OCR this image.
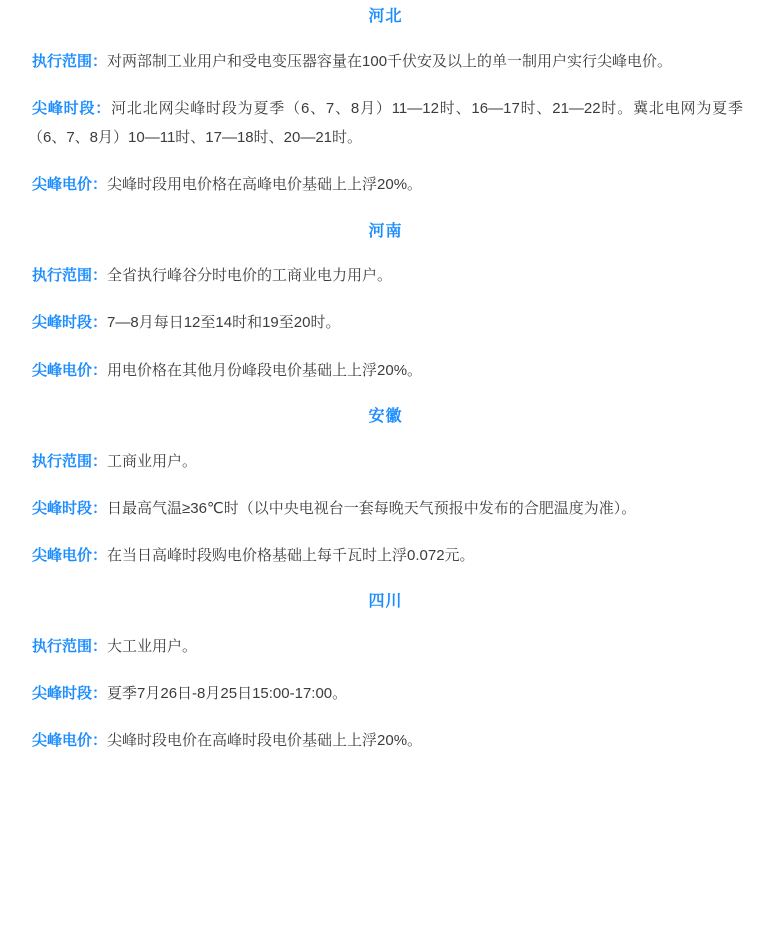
河北

执行范围：对两部制工业用户和受电变压器容量在100千伏安及以上的单一制用户实行尖峰电价。

尖峰时段：河北北网尖峰时段为夏季（6、7、8月）11—12时、16—17时、21—22时。冀北电网为夏季（6、7、8月）10—11时、17—18时、20—21时。

尖峰电价：尖峰时段用电价格在高峰电价基础上上浮20%。

河南

执行范围：全省执行峰谷分时电价的工商业电力用户。

尖峰时段：7—8月每日12至14时和19至20时。

尖峰电价：用电价格在其他月份峰段电价基础上上浮20%。

安徽

执行范围：工商业用户。

尖峰时段：日最高气温≥36℃时（以中央电视台一套每晚天气预报中发布的合肥温度为准）。

尖峰电价：在当日高峰时段购电价格基础上每千瓦时上浮0.072元。

四川

执行范围：大工业用户。

尖峰时段：夏季7月26日-8月25日15:00-17:00。

尖峰电价：尖峰时段电价在高峰时段电价基础上上浮20%。
